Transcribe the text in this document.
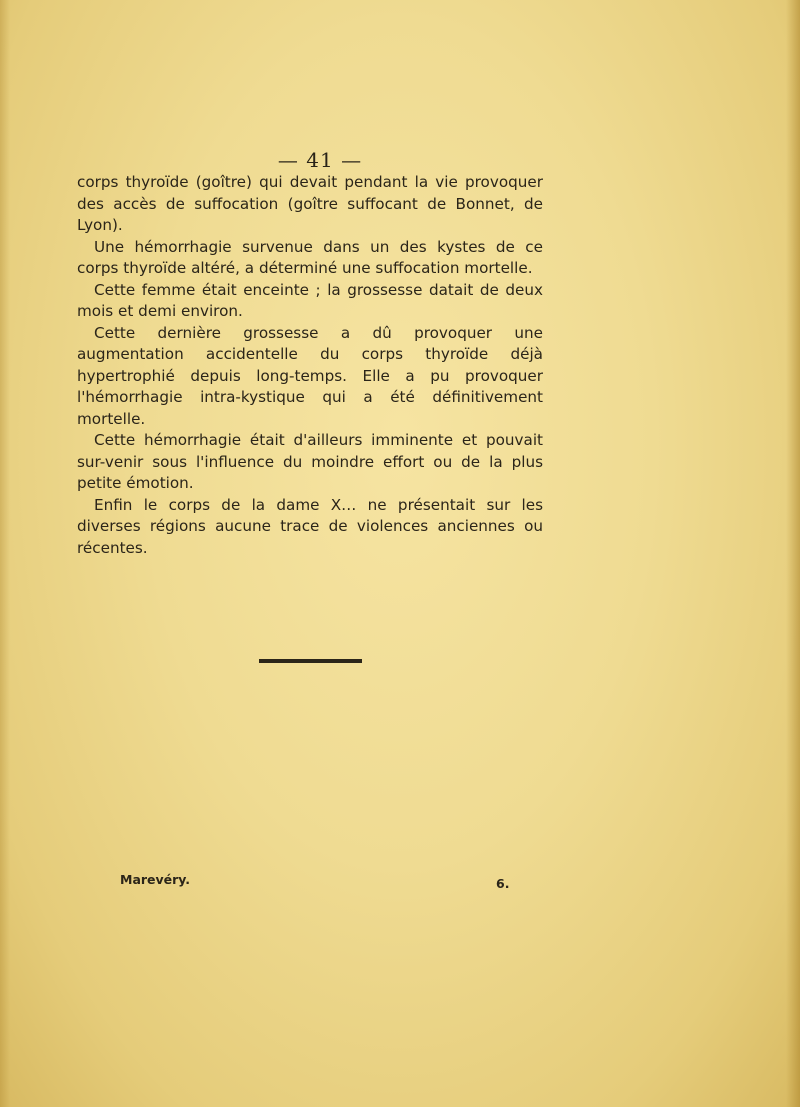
— 41 —

corps thyroïde (goître) qui devait pendant la vie provoquer des accès de suffocation (goître suffocant de Bonnet, de Lyon).

Une hémorrhagie survenue dans un des kystes de ce corps thyroïde altéré, a déterminé une suffocation mortelle.

Cette femme était enceinte ; la grossesse datait de deux mois et demi environ.

Cette dernière grossesse a dû provoquer une augmentation accidentelle du corps thyroïde déjà hypertrophié depuis long-temps. Elle a pu provoquer l'hémorrhagie intra-kystique qui a été définitivement mortelle.

Cette hémorrhagie était d'ailleurs imminente et pouvait sur-venir sous l'influence du moindre effort ou de la plus petite émotion.

Enfin le corps de la dame X… ne présentait sur les diverses régions aucune trace de violences anciennes ou récentes.

Marevéry.	6.
